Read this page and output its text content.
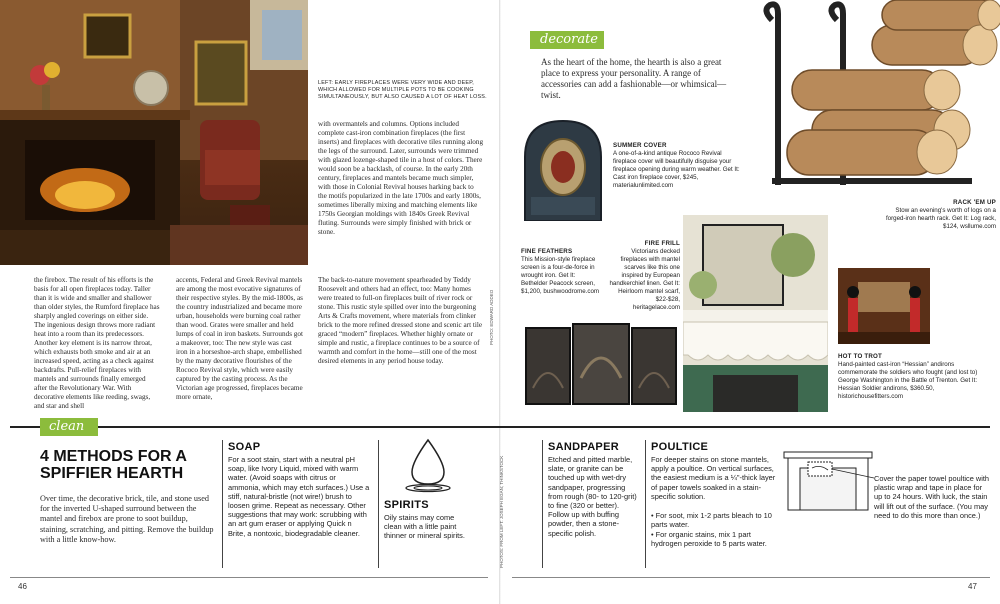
LEFT: EARLY FIREPLACES WERE VERY WIDE AND DEEP, WHICH ALLOWED FOR MULTIPLE POTS TO BE COOKING SIMULTANEOUSLY, BUT ALSO CAUSED A LOT OF HEAT LOSS.
the firebox. The result of his efforts is the basis for all open fireplaces today. Taller than it is wide and smaller and shallower than older styles, the Rumford fireplace has sharply angled coverings on either side. The ingenious design throws more radiant heat into a room than its predecessors. Another key element is its narrow throat, which exhausts both smoke and air at an increased speed, acting as a check against backdrafts. Pull-relief fireplaces with mantels and surrounds finally emerged after the Revolutionary War. With decorative elements like reeding, swags, and star and shell
accents, Federal and Greek Revival mantels are among the most evocative signatures of their respective styles. By the mid-1800s, as the country industrialized and became more urban, households were burning coal rather than wood. Grates were smaller and held lumps of coal in iron baskets. Surrounds got a makeover, too: The new style was cast iron in a horseshoe-arch shape, embellished by the many decorative flourishes of the Rococo Revival style, which were easily captured by the casting process. As the Victorian age progressed, fireplaces became more ornate,
with overmantels and columns. Options included complete cast-iron combination fireplaces (the first inserts) and fireplaces with decorative tiles running along the legs of the surround. Later, surrounds were trimmed with glazed lozenge-shaped tile in a host of colors. There would soon be a backlash, of course. In the early 20th century, fireplaces and mantels became much simpler, with those in Colonial Revival houses harking back to the motifs popularized in the late 1700s and early 1800s, sometimes liberally mixing and matching elements like 1750s Georgian moldings with 1840s Greek Revival fluting. Surrounds were simply finished with brick or stone.
The back-to-nature movement spearheaded by Teddy Roosevelt and others had an effect, too: Many homes were treated to full-on fireplaces built of river rock or stone. This rustic style spilled over into the burgeoning Arts & Crafts movement, where materials from clinker brick to the more refined dressed stone and scenic art tile graced “modern” fireplaces. Whether highly ornate or simple and rustic, a fireplace continues to be a source of warmth and comfort in the home—still one of the most desired elements in any period house today.
PHOTO: EDWARD ADDEO
decorate
As the heart of the home, the hearth is also a great place to express your personality. A range of accessories can add a fashionable—or whimsical—twist.
RACK 'EM UP
Stow an evening's worth of logs on a forged-iron hearth rack. Get It: Log rack, $124, wsllume.com
SUMMER COVER
A one-of-a-kind antique Rococo Revival fireplace cover will beautifully disguise your fireplace opening during warm weather. Get It: Cast iron fireplace cover, $245, materialunlimited.com
FINE FEATHERS
This Mission-style fireplace screen is a four-de-force in wrought iron. Get It: Bethelder Peacock screen, $1,200, bushwoodrome.com
FIRE FRILL
Victorians decked fireplaces with mantel scarves like this one inspired by European handkerchief linen. Get It: Heirloom mantel scarf, $22-$28, heritagelace.com
HOT TO TROT
Hand-painted cast-iron “Hessian” andirons commemorate the soldiers who fought (and lost to) George Washington in the Battle of Trenton. Get It: Hessian Soldier andirons, $360.50, historichousefitters.com
clean
4 METHODS FOR A SPIFFIER HEARTH
Over time, the decorative brick, tile, and stone used for the inverted U-shaped surround between the mantel and firebox are prone to soot buildup, staining, scratching, and pitting. Remove the buildup with a little know-how.
SOAP
For a soot stain, start with a neutral pH soap, like Ivory Liquid, mixed with warm water. (Avoid soaps with citrus or ammonia, which may etch surfaces.) Use a stiff, natural-bristle (not wire!) brush to loosen grime. Repeat as necessary. Other suggestions that may work: scrubbing with an art gum eraser or applying Quick n Brite, a nontoxic, biodegradable cleaner.
SPIRITS
Oily stains may come clean with a little paint thinner or mineral spirits.	PHOTOS: FROM LEFT: JOSEPH EGAN; THINKSTOCK
SANDPAPER
Etched and pitted marble, slate, or granite can be touched up with wet-dry sandpaper, progressing from rough (80- to 120-grit) to fine (320 or better). Follow up with buffing powder, then a stone-specific polish.
POULTICE
For deeper stains on stone mantels, apply a poultice. On vertical surfaces, the easiest medium is a ¼"-thick layer of paper towels soaked in a stain-specific solution.
• For soot, mix 1-2 parts bleach to 10 parts water.
• For organic stains, mix 1 part hydrogen peroxide to 5 parts water.
Cover the paper towel poultice with plastic wrap and tape in place for up to 24 hours. With luck, the stain will lift out of the surface. (You may need to do this more than once.)
46	47
